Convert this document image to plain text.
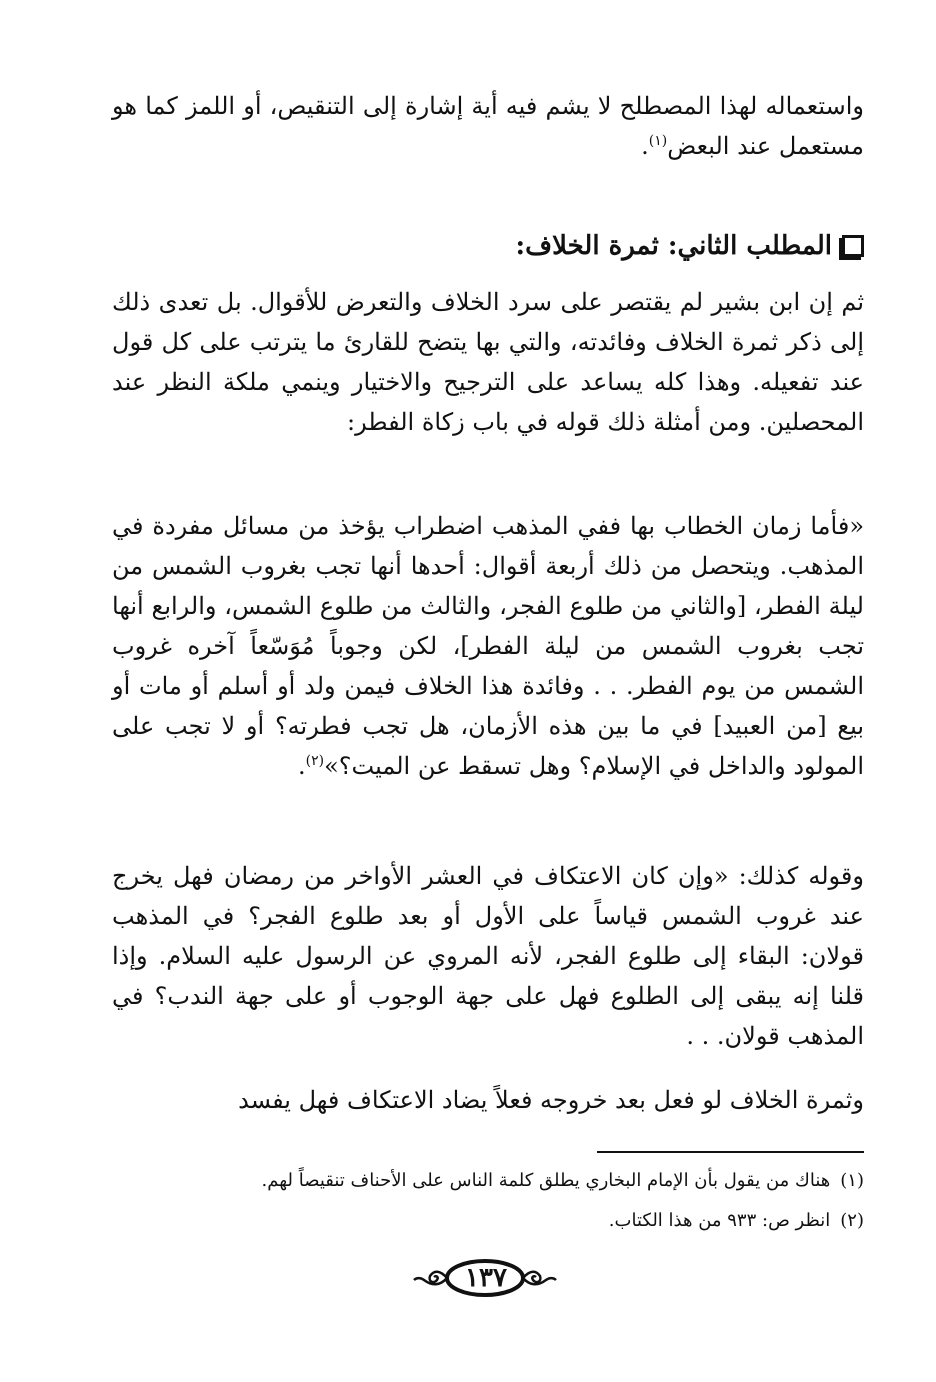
واستعماله لهذا المصطلح لا يشم فيه أية إشارة إلى التنقيص، أو اللمز كما هو مستعمل عند البعض$^{(١)}$.

المطلب الثاني: ثمرة الخلاف:

ثم إن ابن بشير لم يقتصر على سرد الخلاف والتعرض للأقوال. بل تعدى ذلك إلى ذكر ثمرة الخلاف وفائدته، والتي بها يتضح للقارئ ما يترتب على كل قول عند تفعيله. وهذا كله يساعد على الترجيح والاختيار وينمي ملكة النظر عند المحصلين. ومن أمثلة ذلك قوله في باب زكاة الفطر:

«فأما زمان الخطاب بها ففي المذهب اضطراب يؤخذ من مسائل مفردة في المذهب. ويتحصل من ذلك أربعة أقوال: أحدها أنها تجب بغروب الشمس من ليلة الفطر، [والثاني من طلوع الفجر، والثالث من طلوع الشمس، والرابع أنها تجب بغروب الشمس من ليلة الفطر]، لكن وجوباً مُوَسّعاً آخره غروب الشمس من يوم الفطر. . . وفائدة هذا الخلاف فيمن ولد أو أسلم أو مات أو بيع [من العبيد] في ما بين هذه الأزمان، هل تجب فطرته؟ أو لا تجب على المولود والداخل في الإسلام؟ وهل تسقط عن الميت؟»$^{(٢)}$.

وقوله كذلك: «وإن كان الاعتكاف في العشر الأواخر من رمضان فهل يخرج عند غروب الشمس قياساً على الأول أو بعد طلوع الفجر؟ في المذهب قولان: البقاء إلى طلوع الفجر، لأنه المروي عن الرسول عليه السلام. وإذا قلنا إنه يبقى إلى الطلوع فهل على جهة الوجوب أو على جهة الندب؟ في المذهب قولان. . .

وثمرة الخلاف لو فعل بعد خروجه فعلاً يضاد الاعتكاف فهل يفسد

(١)هناك من يقول بأن الإمام البخاري يطلق كلمة الناس على الأحناف تنقيصاً لهم.
(٢)انظر ص: ٩٣٣ من هذا الكتاب.
١٣٧
